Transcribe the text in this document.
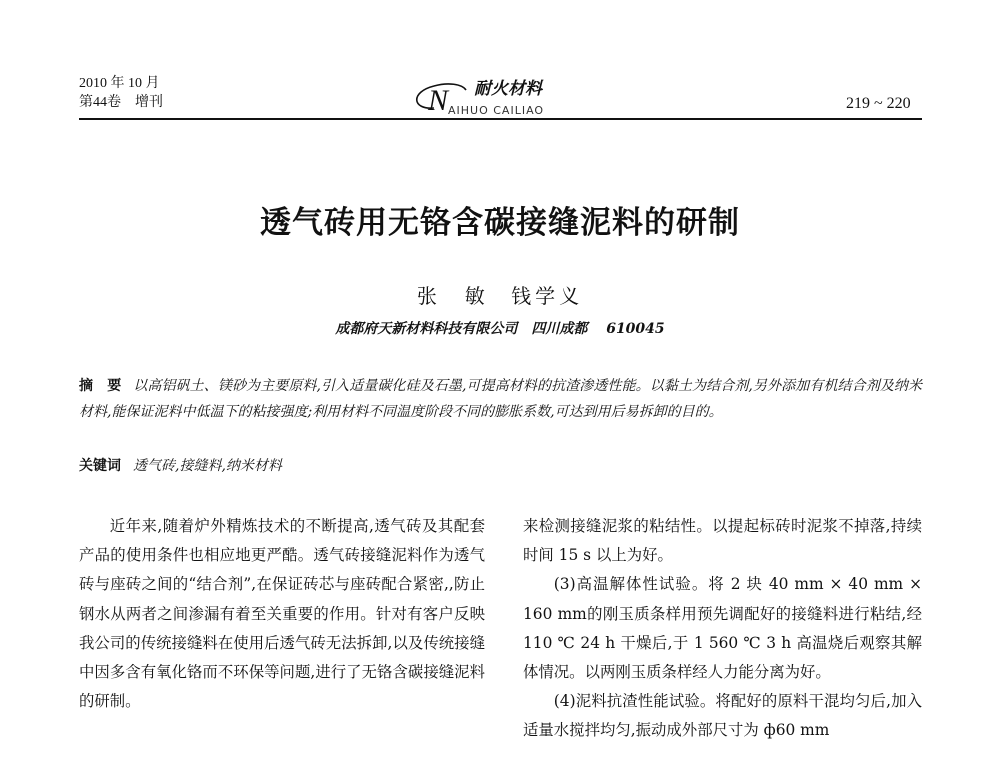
2010 年 10 月
第44卷　增刊	N 耐火材料
AIHUO CAILIAO	219 ~ 220
透气砖用无铬含碳接缝泥料的研制
张　敏 钱学义
成都府天新材料科技有限公司　四川成都 610045
摘　要 以高铝矾土、镁砂为主要原料,引入适量碳化硅及石墨,可提高材料的抗渣渗透性能。以黏土为结合剂,另外添加有机结合剂及纳米材料,能保证泥料中低温下的粘接强度;利用材料不同温度阶段不同的膨胀系数,可达到用后易拆卸的目的。
关键词 透气砖,接缝料,纳米材料

近年来,随着炉外精炼技术的不断提高,透气砖及其配套产品的使用条件也相应地更严酷。透气砖接缝泥料作为透气砖与座砖之间的“结合剂”,在保证砖芯与座砖配合紧密,,防止钢水从两者之间渗漏有着至关重要的作用。针对有客户反映我公司的传统接缝料在使用后透气砖无法拆卸,以及传统接缝中因多含有氧化铬而不环保等问题,进行了无铬含碳接缝泥料的研制。

来检测接缝泥浆的粘结性。以提起标砖时泥浆不掉落,持续时间 15 s 以上为好。

(3)高温解体性试验。将 2 块 40 mm × 40 mm × 160 mm的刚玉质条样用预先调配好的接缝料进行粘结,经 110 ℃ 24 h 干燥后,于 1 560 ℃ 3 h 高温烧后观察其解体情况。以两刚玉质条样经人力能分离为好。

(4)泥料抗渣性能试验。将配好的原料干混均匀后,加入适量水搅拌均匀,振动成外部尺寸为 ф60 mm
